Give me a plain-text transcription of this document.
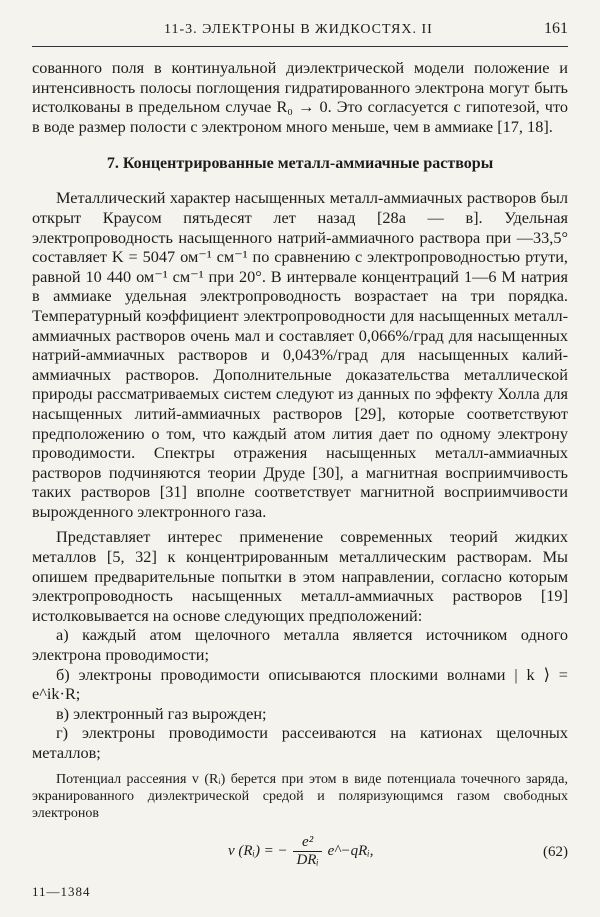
11-3. ЭЛЕКТРОНЫ В ЖИДКОСТЯХ. II	161

сованного поля в континуальной диэлектрической модели положение и интенсивность полосы поглощения гидратированного электрона могут быть истолкованы в предельном случае R₀ → 0. Это согласуется с гипотезой, что в воде размер полости с электроном много меньше, чем в аммиаке [17, 18].

7. Концентрированные металл-аммиачные растворы

Металлический характер насыщенных металл-аммиачных растворов был открыт Краусом пятьдесят лет назад [28а — в]. Удельная электропроводность насыщенного натрий-аммиачного раствора при —33,5° составляет K = 5047 ом⁻¹ см⁻¹ по сравнению с электропроводностью ртути, равной 10 440 ом⁻¹ см⁻¹ при 20°. В интервале концентраций 1—6 M натрия в аммиаке удельная электропроводность возрастает на три порядка. Температурный коэффициент электропроводности для насыщенных металл-аммиачных растворов очень мал и составляет 0,066%/град для насыщенных натрий-аммиачных растворов и 0,043%/град для насыщенных калий-аммиачных растворов. Дополнительные доказательства металлической природы рассматриваемых систем следуют из данных по эффекту Холла для насыщенных литий-аммиачных растворов [29], которые соответствуют предположению о том, что каждый атом лития дает по одному электрону проводимости. Спектры отражения насыщенных металл-аммиачных растворов подчиняются теории Друде [30], а магнитная восприимчивость таких растворов [31] вполне соответствует магнитной восприимчивости вырожденного электронного газа.

Представляет интерес применение современных теорий жидких металлов [5, 32] к концентрированным металлическим растворам. Мы опишем предварительные попытки в этом направлении, согласно которым электропроводность насыщенных металл-аммиачных растворов [19] истолковывается на основе следующих предположений:

а) каждый атом щелочного металла является источником одного электрона проводимости;

б) электроны проводимости описываются плоскими волнами | k ⟩ = e^ik·R;

в) электронный газ вырожден;

г) электроны проводимости рассеиваются на катионах щелочных металлов;

Потенциал рассеяния v (Rᵢ) берется при этом в виде потенциала точечного заряда, экранированного диэлектрической средой и поляризующимся газом свободных электронов

v (Rᵢ) = − $\frac{\text{e²}}{\text{DRᵢ}}$ e^−qRᵢ,	(62)
11—1384
